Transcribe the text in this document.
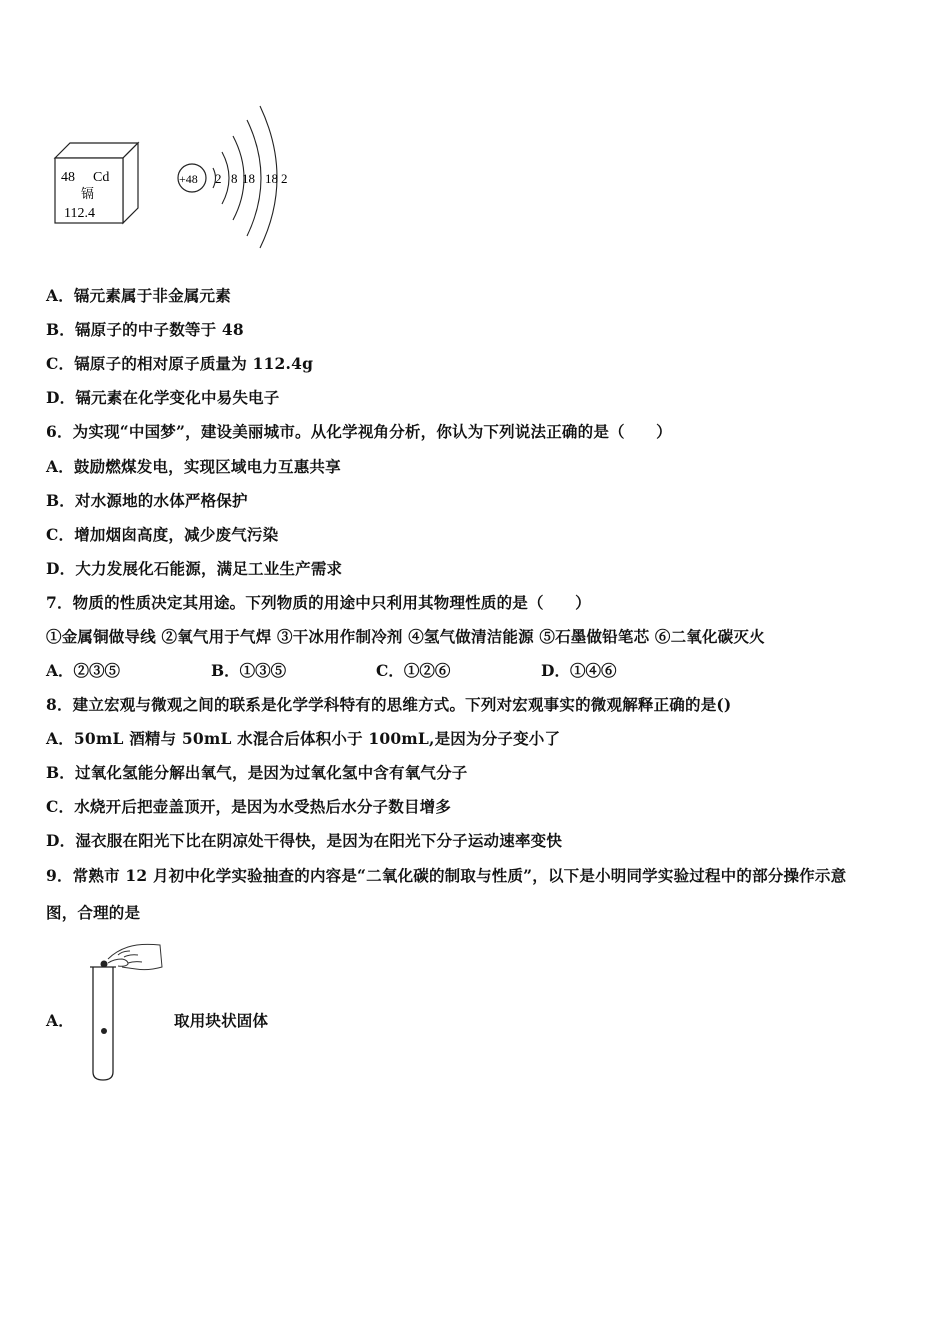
48 Cd
镉
112.4
+48 2 8 18 18 2
A．镉元素属于非金属元素
B．镉原子的中子数等于 48
C．镉原子的相对原子质量为 112.4g
D．镉元素在化学变化中易失电子
6．为实现“中国梦”，建设美丽城市。从化学视角分析，你认为下列说法正确的是（　　）
A．鼓励燃煤发电，实现区域电力互惠共享
B．对水源地的水体严格保护
C．增加烟囱高度，减少废气污染
D．大力发展化石能源，满足工业生产需求
7．物质的性质决定其用途。下列物质的用途中只利用其物理性质的是（　　）
①金属铜做导线 ②氧气用于气焊 ③干冰用作制冷剂 ④氢气做清洁能源 ⑤石墨做铅笔芯 ⑥二氧化碳灭火
A．②③⑤	B．①③⑤	C．①②⑥	D．①④⑥
8．建立宏观与微观之间的联系是化学学科特有的思维方式。下列对宏观事实的微观解释正确的是()
A．50mL 酒精与 50mL 水混合后体积小于 100mL,是因为分子变小了
B．过氧化氢能分解出氧气，是因为过氧化氢中含有氧气分子
C．水烧开后把壶盖顶开，是因为水受热后水分子数目增多
D．湿衣服在阳光下比在阴凉处干得快，是因为在阳光下分子运动速率变快
9．常熟市 12 月初中化学实验抽查的内容是“二氧化碳的制取与性质”，以下是小明同学实验过程中的部分操作示意
图，合理的是
A．	取用块状固体
